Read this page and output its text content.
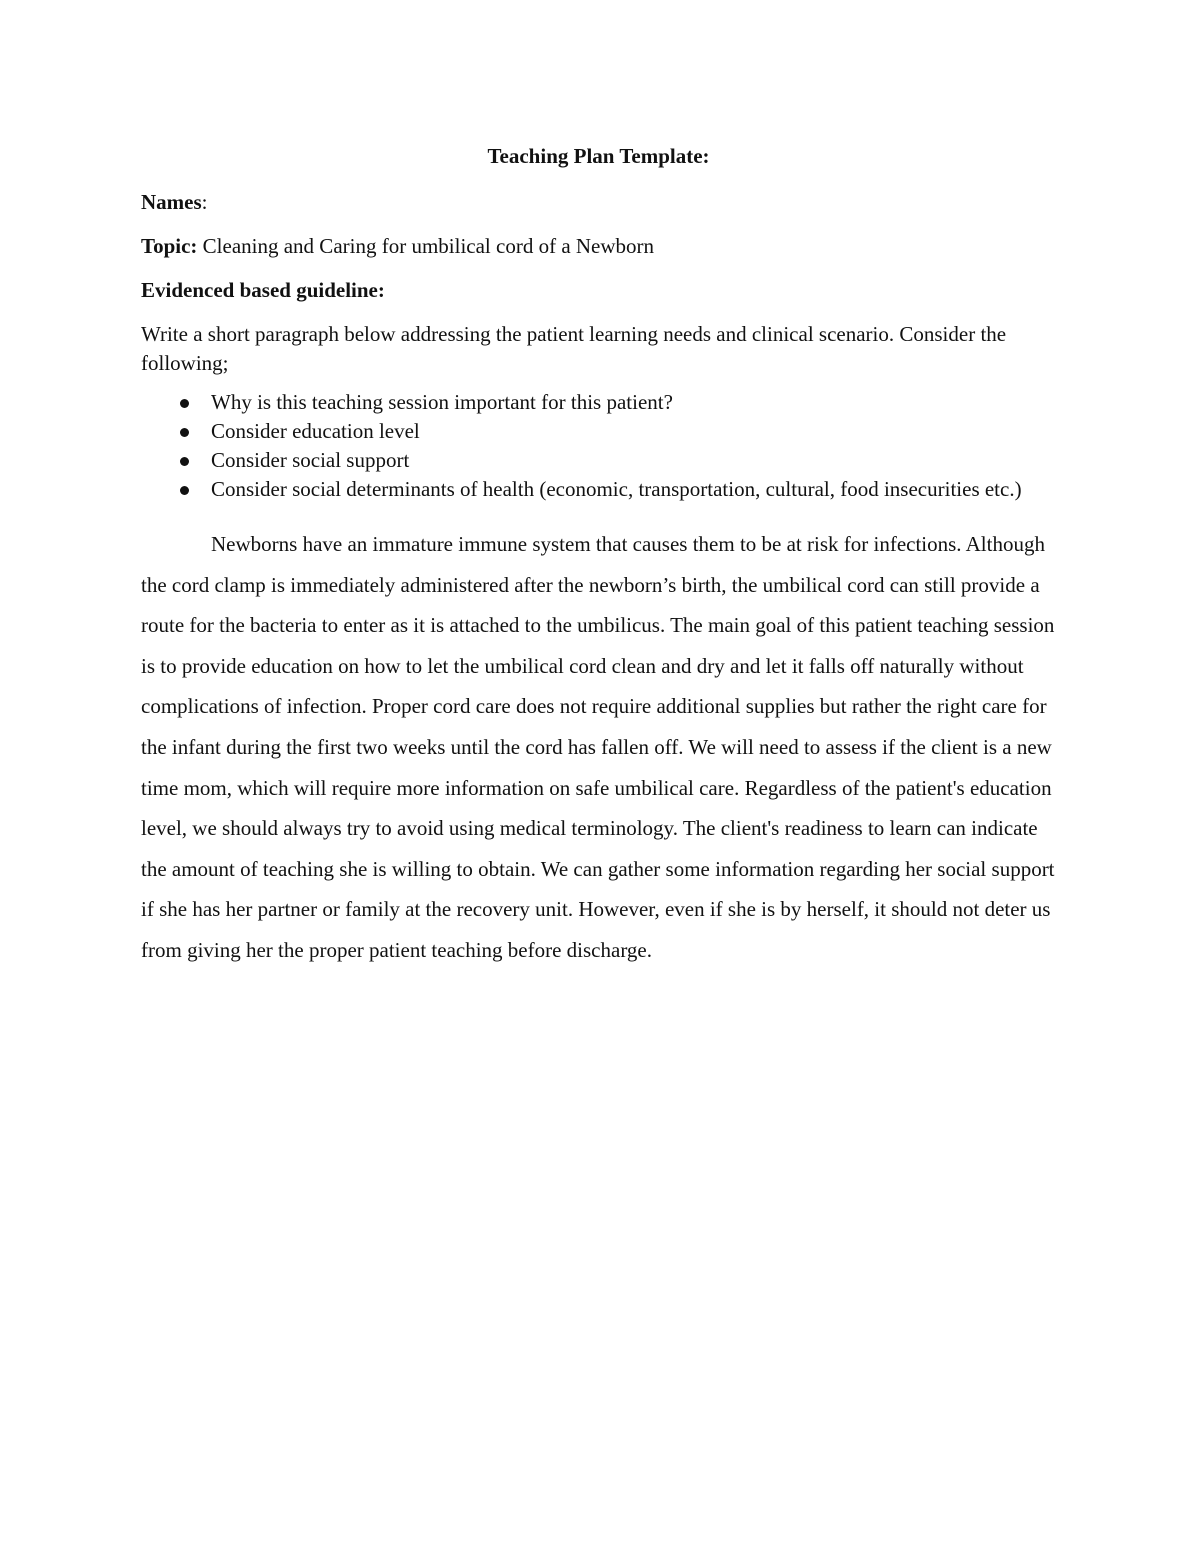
Teaching Plan Template:
Names:
Topic: Cleaning and Caring for umbilical cord of a Newborn
Evidenced based guideline:

Write a short paragraph below addressing the patient learning needs and clinical scenario. Consider the following;

Why is this teaching session important for this patient?
Consider education level
Consider social support
Consider social determinants of health (economic, transportation, cultural, food insecurities etc.)

Newborns have an immature immune system that causes them to be at risk for infections. Although the cord clamp is immediately administered after the newborn’s birth, the umbilical cord can still provide a route for the bacteria to enter as it is attached to the umbilicus. The main goal of this patient teaching session is to provide education on how to let the umbilical cord clean and dry and let it falls off naturally without complications of infection. Proper cord care does not require additional supplies but rather the right care for the infant during the first two weeks until the cord has fallen off. We will need to assess if the client is a new time mom, which will require more information on safe umbilical care. Regardless of the patient's education level, we should always try to avoid using medical terminology. The client's readiness to learn can indicate the amount of teaching she is willing to obtain. We can gather some information regarding her social support if she has her partner or family at the recovery unit. However, even if she is by herself, it should not deter us from giving her the proper patient teaching before discharge.
